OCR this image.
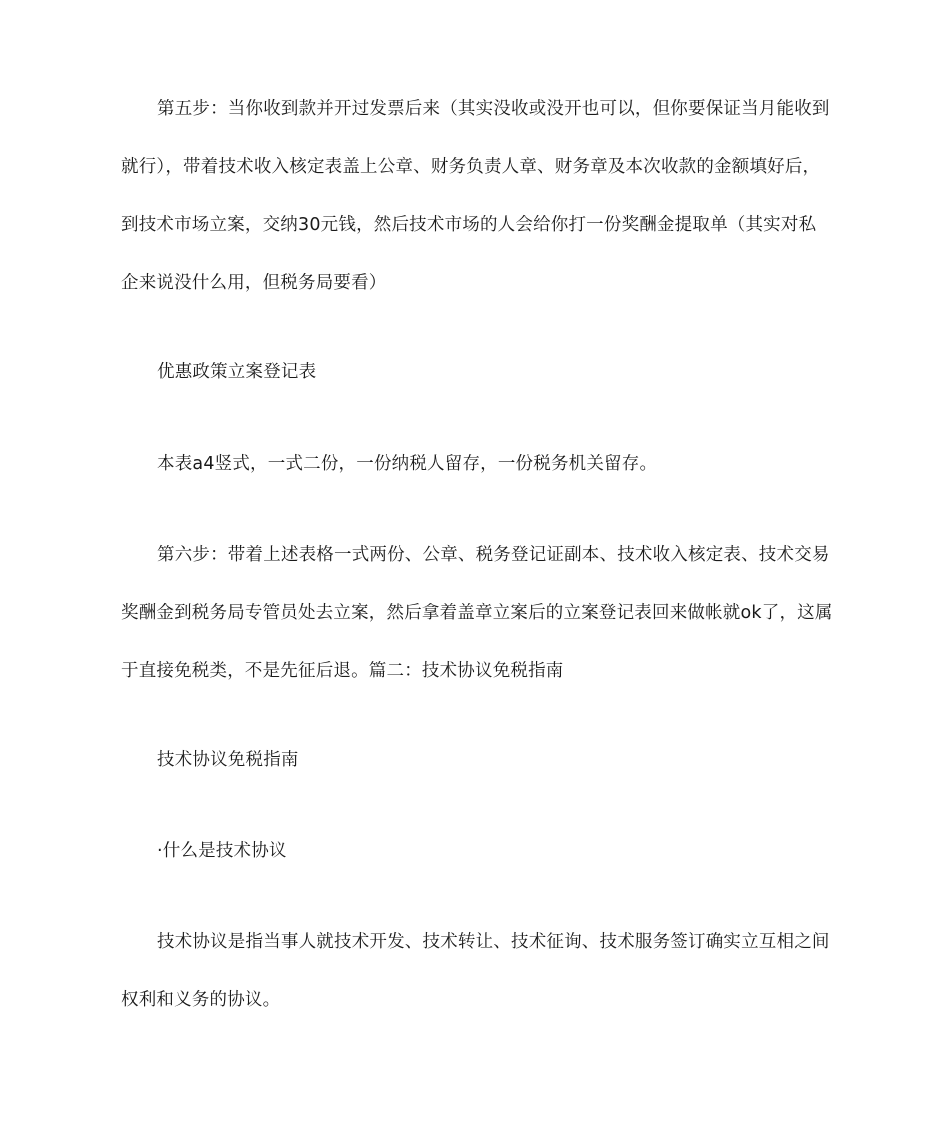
第五步：当你收到款并开过发票后来（其实没收或没开也可以，但你要保证当月能收到就行），带着技术收入核定表盖上公章、财务负责人章、财务章及本次收款的金额填好后，到技术市场立案，交纳30元钱，然后技术市场的人会给你打一份奖酬金提取单（其实对私企来说没什么用，但税务局要看）

优惠政策立案登记表

本表a4竖式，一式二份，一份纳税人留存，一份税务机关留存。

第六步：带着上述表格一式两份、公章、税务登记证副本、技术收入核定表、技术交易奖酬金到税务局专管员处去立案，然后拿着盖章立案后的立案登记表回来做帐就ok了，这属于直接免税类，不是先征后退。篇二：技术协议免税指南

技术协议免税指南

·什么是技术协议

技术协议是指当事人就技术开发、技术转让、技术征询、技术服务签订确实立互相之间权利和义务的协议。
